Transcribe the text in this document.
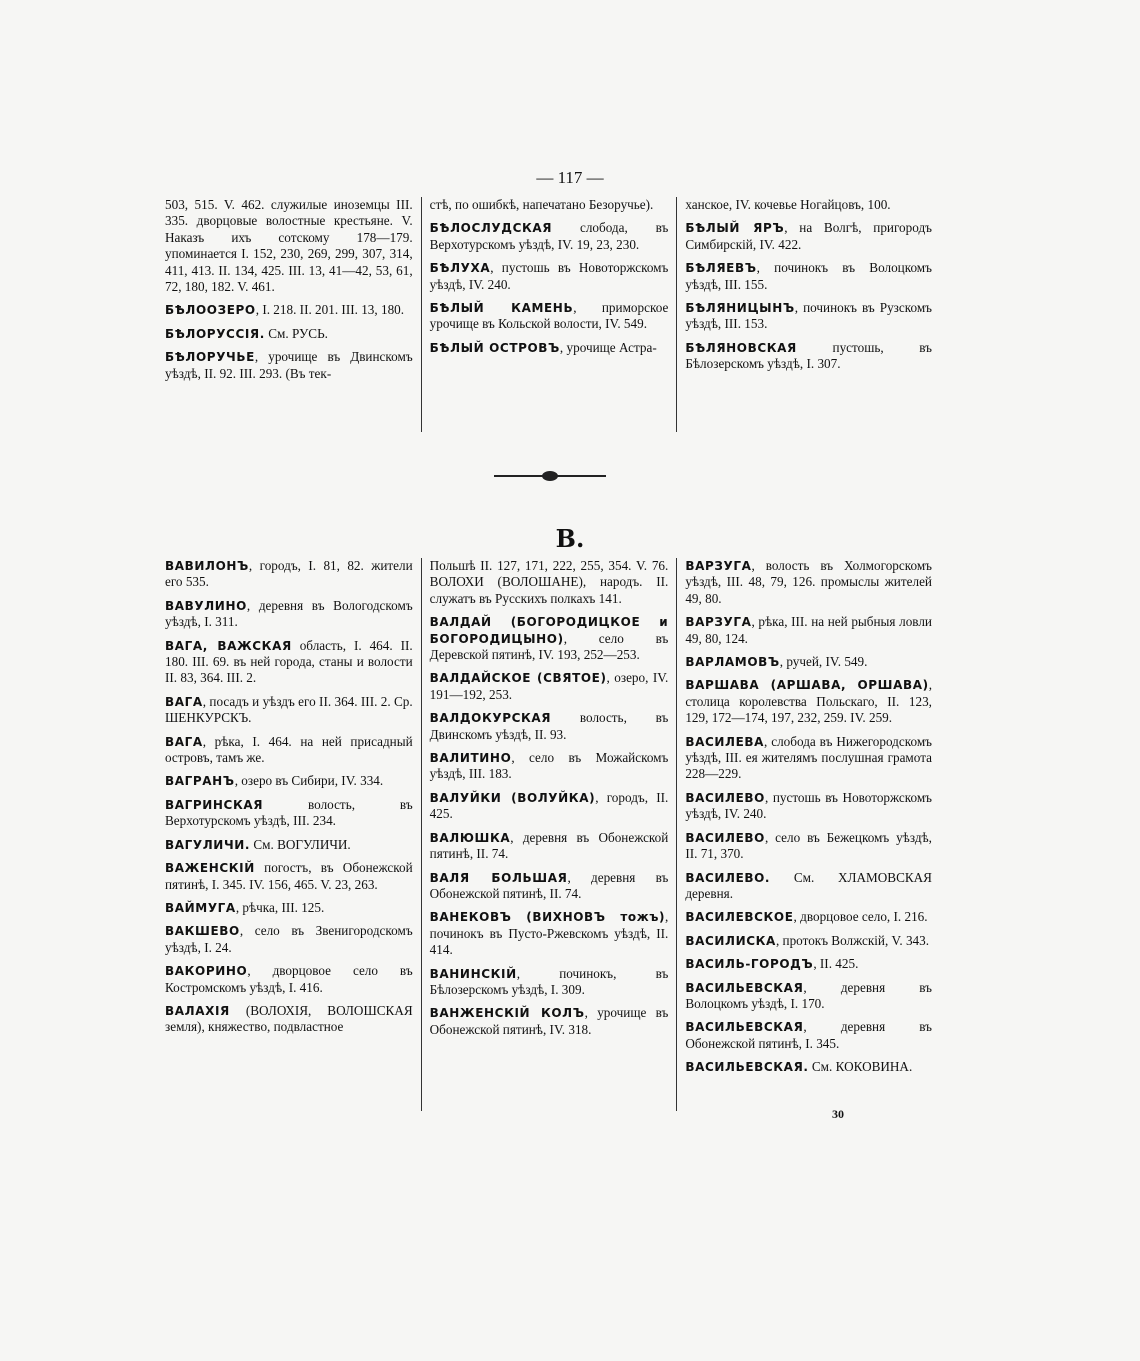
— 117 —

503, 515. V. 462. служилые иноземцы III. 335. дворцовые волостные крестьяне. V. Наказъ ихъ сотскому 178—179. упоминается I. 152, 230, 269, 299, 307, 314, 411, 413. II. 134, 425. III. 13, 41—42, 53, 61, 72, 180, 182. V. 461.

БѢЛООЗЕРО, I. 218. II. 201. III. 13, 180.

БѢЛОРУССІЯ. См. РУСЬ.

БѢЛОРУЧЬЕ, урочище въ Двинскомъ уѣздѣ, II. 92. III. 293. (Въ тек-

стѣ, по ошибкѣ, напечатано Безоручье).

БѢЛОСЛУДСКАЯ слобода, въ Верхотурскомъ уѣздѣ, IV. 19, 23, 230.

БѢЛУХА, пустошь въ Новоторжскомъ уѣздѣ, IV. 240.

БѢЛЫЙ КАМЕНЬ, приморское урочище въ Кольской волости, IV. 549.

БѢЛЫЙ ОСТРОВЪ, урочище Астра-

ханское, IV. кочевье Ногайцовъ, 100.

БѢЛЫЙ ЯРЪ, на Волгѣ, пригородъ Симбирскій, IV. 422.

БѢЛЯЕВЪ, починокъ въ Волоцкомъ уѣздѣ, III. 155.

БѢЛЯНИЦЫНЪ, починокъ въ Рузскомъ уѣздѣ, III. 153.

БѢЛЯНОВСКАЯ пустошь, въ Бѣлозерскомъ уѣздѣ, I. 307.

В.

ВАВИЛОНЪ, городъ, I. 81, 82. жители его 535.

ВАВУЛИНО, деревня въ Вологодскомъ уѣздѣ, I. 311.

ВАГА, ВАЖСКАЯ область, I. 464. II. 180. III. 69. въ ней города, станы и волости II. 83, 364. III. 2.

ВАГА, посадъ и уѣздъ его II. 364. III. 2. Ср. ШЕНКУРСКЪ.

ВАГА, рѣка, I. 464. на ней присадный островъ, тамъ же.

ВАГРАНЪ, озеро въ Сибири, IV. 334.

ВАГРИНСКАЯ волость, въ Верхотурскомъ уѣздѣ, III. 234.

ВАГУЛИЧИ. См. ВОГУЛИЧИ.

ВАЖЕНСКІЙ погостъ, въ Обонежской пятинѣ, I. 345. IV. 156, 465. V. 23, 263.

ВАЙМУГА, рѣчка, III. 125.

ВАКШЕВО, село въ Звенигородскомъ уѣздѣ, I. 24.

ВАКОРИНО, дворцовое село въ Костромскомъ уѣздѣ, I. 416.

ВАЛАХІЯ (ВОЛОХІЯ, ВОЛОШСКАЯ земля), княжество, подвластное

Польшѣ II. 127, 171, 222, 255, 354. V. 76. ВОЛОХИ (ВОЛОШАНЕ), народъ. II. служатъ въ Русскихъ полкахъ 141.

ВАЛДАЙ (БОГОРОДИЦКОЕ и БОГОРОДИЦЫНО), село въ Деревской пятинѣ, IV. 193, 252—253.

ВАЛДАЙСКОЕ (СВЯТОЕ), озеро, IV. 191—192, 253.

ВАЛДОКУРСКАЯ волость, въ Двинскомъ уѣздѣ, II. 93.

ВАЛИТИНО, село въ Можайскомъ уѣздѣ, III. 183.

ВАЛУЙКИ (ВОЛУЙКА), городъ, II. 425.

ВАЛЮШКА, деревня въ Обонежской пятинѣ, II. 74.

ВАЛЯ БОЛЬШАЯ, деревня въ Обонежской пятинѣ, II. 74.

ВАНЕКОВЪ (ВИХНОВЪ тожъ), починокъ въ Пусто-Ржевскомъ уѣздѣ, II. 414.

ВАНИНСКІЙ, починокъ, въ Бѣлозерскомъ уѣздѣ, I. 309.

ВАНЖЕНСКІЙ КОЛЪ, урочище въ Обонежской пятинѣ, IV. 318.

ВАРЗУГА, волость въ Холмогорскомъ уѣздѣ, III. 48, 79, 126. промыслы жителей 49, 80.

ВАРЗУГА, рѣка, III. на ней рыбныя ловли 49, 80, 124.

ВАРЛАМОВЪ, ручей, IV. 549.

ВАРШАВА (АРШАВА, ОРШАВА), столица королевства Польскаго, II. 123, 129, 172—174, 197, 232, 259. IV. 259.

ВАСИЛЕВА, слобода въ Нижегородскомъ уѣздѣ, III. ея жителямъ послушная грамота 228—229.

ВАСИЛЕВО, пустошь въ Новоторжскомъ уѣздѣ, IV. 240.

ВАСИЛЕВО, село въ Бежецкомъ уѣздѣ, II. 71, 370.

ВАСИЛЕВО. См. ХЛАМОВСКАЯ деревня.

ВАСИЛЕВСКОЕ, дворцовое село, I. 216.

ВАСИЛИСКА, протокъ Волжскій, V. 343.

ВАСИЛЬ-ГОРОДЪ, II. 425.

ВАСИЛЬЕВСКАЯ, деревня въ Волоцкомъ уѣздѣ, I. 170.

ВАСИЛЬЕВСКАЯ, деревня въ Обонежской пятинѣ, I. 345.

ВАСИЛЬЕВСКАЯ. См. КОКОВИНА.

30
